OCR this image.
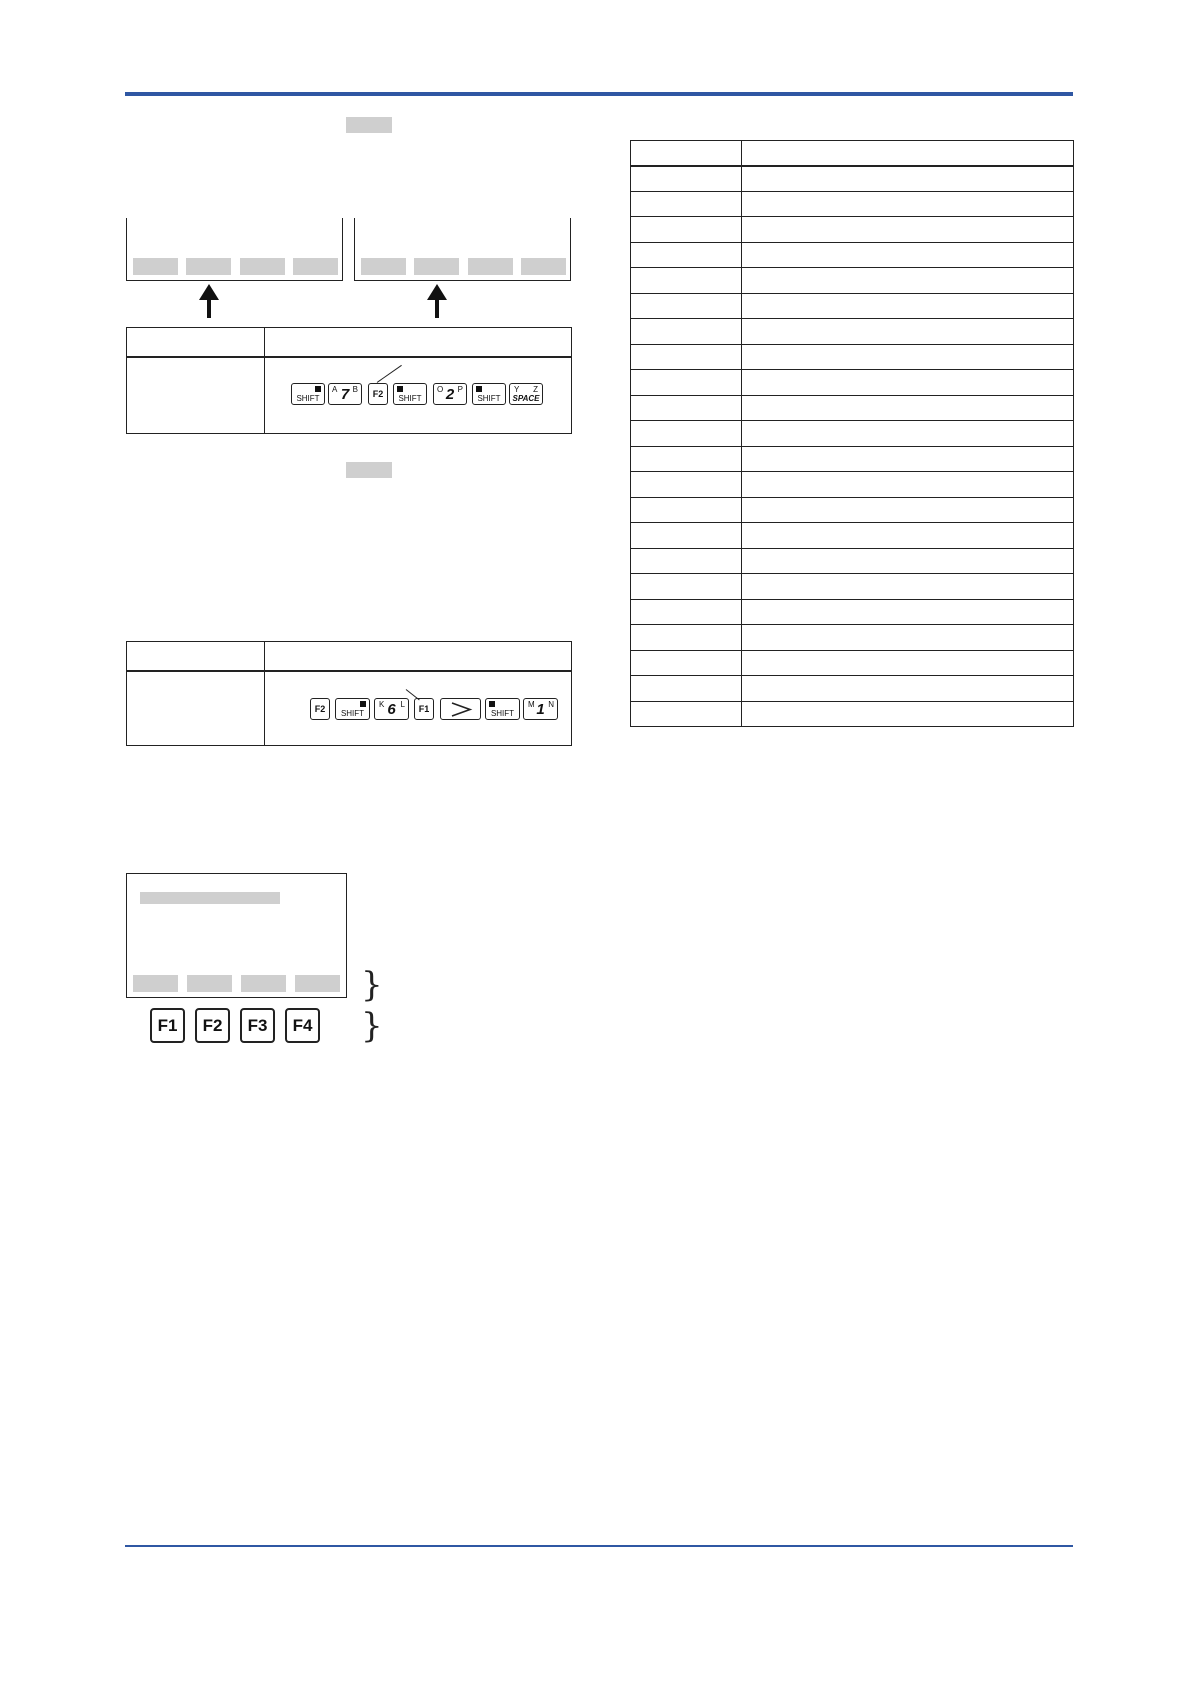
SHIFT
A B
7	F2	SHIFT
O P
2	SHIFT
Y Z
SPACE
F2	SHIFT
K L
6	F1	SHIFT
M N
1
}
}
F1	F2	F3	F4
